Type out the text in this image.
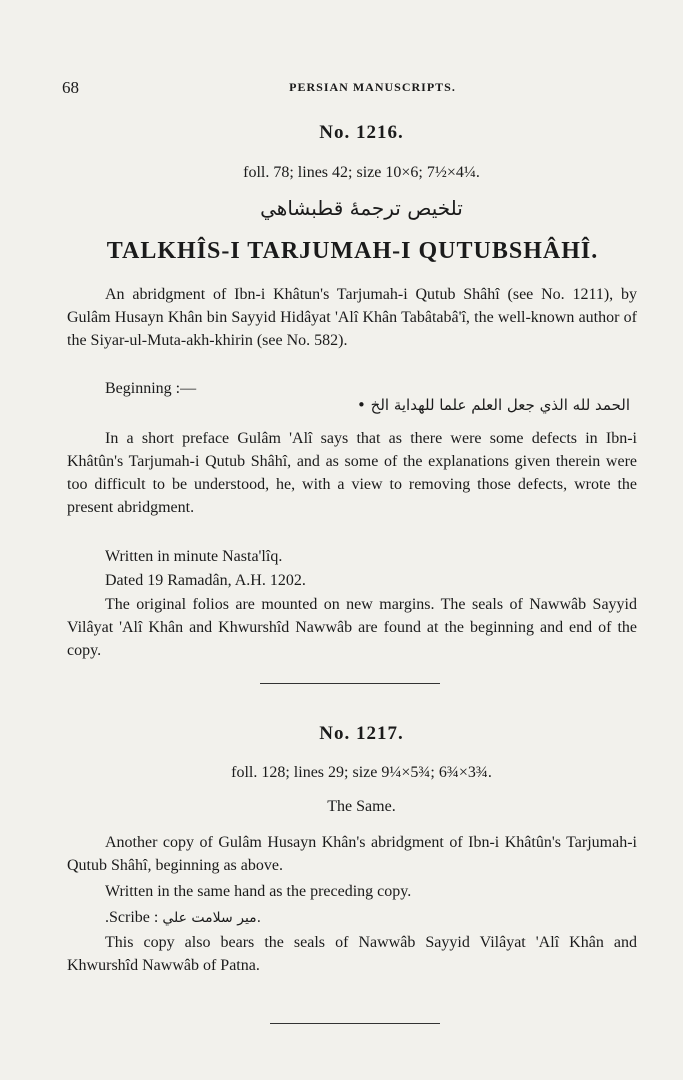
68	PERSIAN MANUSCRIPTS.
No. 1216.
foll. 78; lines 42; size 10×6; 7½×4¼.
تلخيص ترجمهٔ قطبشاهي
TALKHÎS-I TARJUMAH-I QUTUBSHÂHÎ.
An abridgment of Ibn-i Khâtun's Tarjumah-i Qutub Shâhî (see No. 1211), by Gulâm Husayn Khân bin Sayyid Hidâyat 'Alî Khân Tabâtabâ'î, the well-known author of the Siyar-ul-Muta-akh-khirin (see No. 582).
Beginning :—
الحمد لله الذي جعل العلم علما للهداية الخ •
In a short preface Gulâm 'Alî says that as there were some defects in Ibn-i Khâtûn's Tarjumah-i Qutub Shâhî, and as some of the explanations given therein were too difficult to be understood, he, with a view to removing those defects, wrote the present abridgment.
Written in minute Nasta'lîq.
Dated 19 Ramadân, A.H. 1202.
The original folios are mounted on new margins. The seals of Nawwâb Sayyid Vilâyat 'Alî Khân and Khwurshîd Nawwâb are found at the beginning and end of the copy.
No. 1217.
foll. 128; lines 29; size 9¼×5¾; 6¾×3¾.
The Same.
Another copy of Gulâm Husayn Khân's abridgment of Ibn-i Khâtûn's Tarjumah-i Qutub Shâhî, beginning as above.
Written in the same hand as the preceding copy.
.Scribe : مير سلامت علي.
This copy also bears the seals of Nawwâb Sayyid Vilâyat 'Alî Khân and Khwurshîd Nawwâb of Patna.
